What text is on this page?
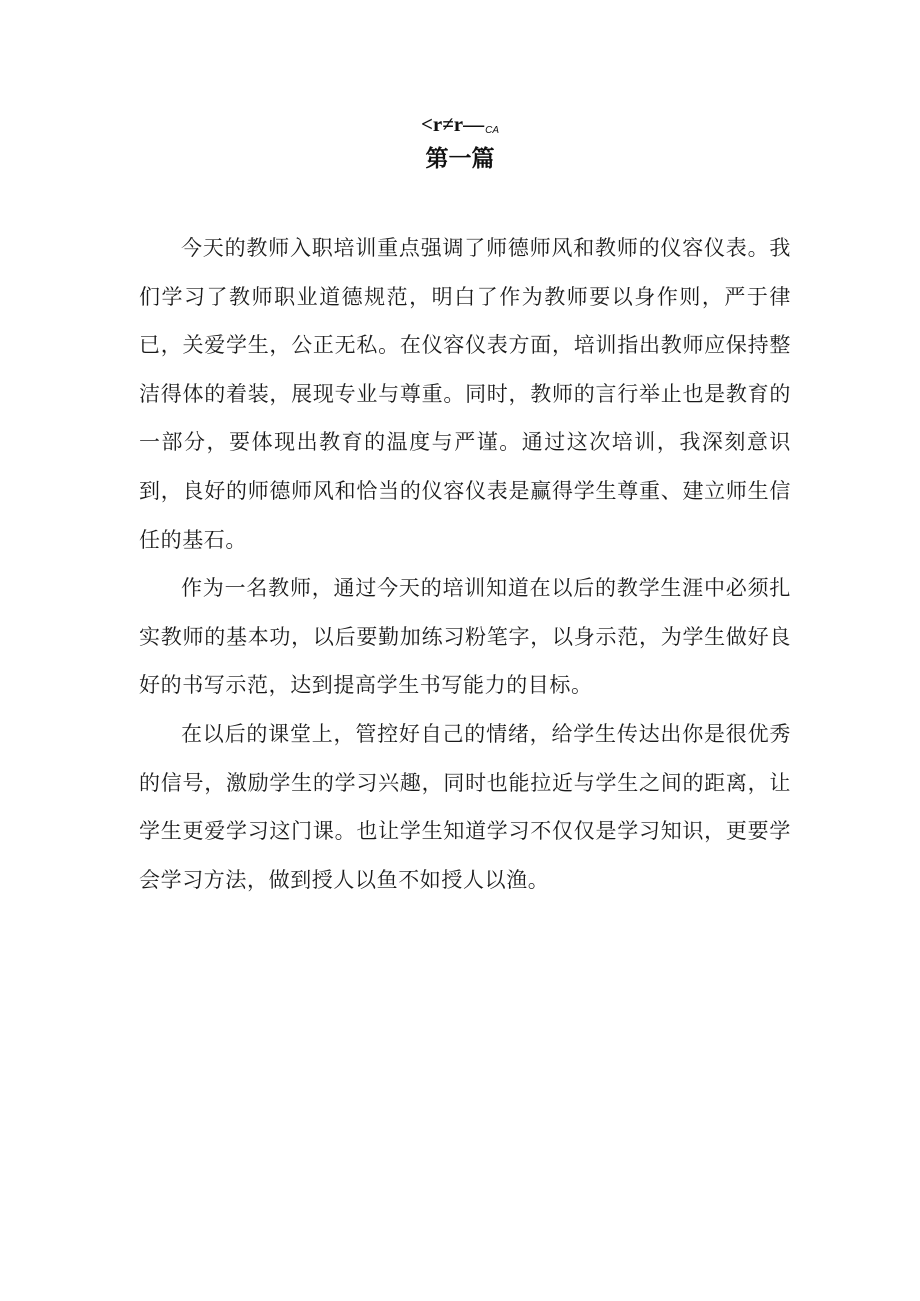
<r≠r—CA
第一篇

今天的教师入职培训重点强调了师德师风和教师的仪容仪表。我们学习了教师职业道德规范，明白了作为教师要以身作则，严于律已，关爱学生，公正无私。在仪容仪表方面，培训指出教师应保持整洁得体的着装，展现专业与尊重。同时，教师的言行举止也是教育的一部分，要体现出教育的温度与严谨。通过这次培训，我深刻意识到，良好的师德师风和恰当的仪容仪表是赢得学生尊重、建立师生信任的基石。

作为一名教师，通过今天的培训知道在以后的教学生涯中必须扎实教师的基本功，以后要勤加练习粉笔字，以身示范，为学生做好良好的书写示范，达到提高学生书写能力的目标。

在以后的课堂上，管控好自己的情绪，给学生传达出你是很优秀的信号，激励学生的学习兴趣，同时也能拉近与学生之间的距离，让学生更爱学习这门课。也让学生知道学习不仅仅是学习知识，更要学会学习方法，做到授人以鱼不如授人以渔。
